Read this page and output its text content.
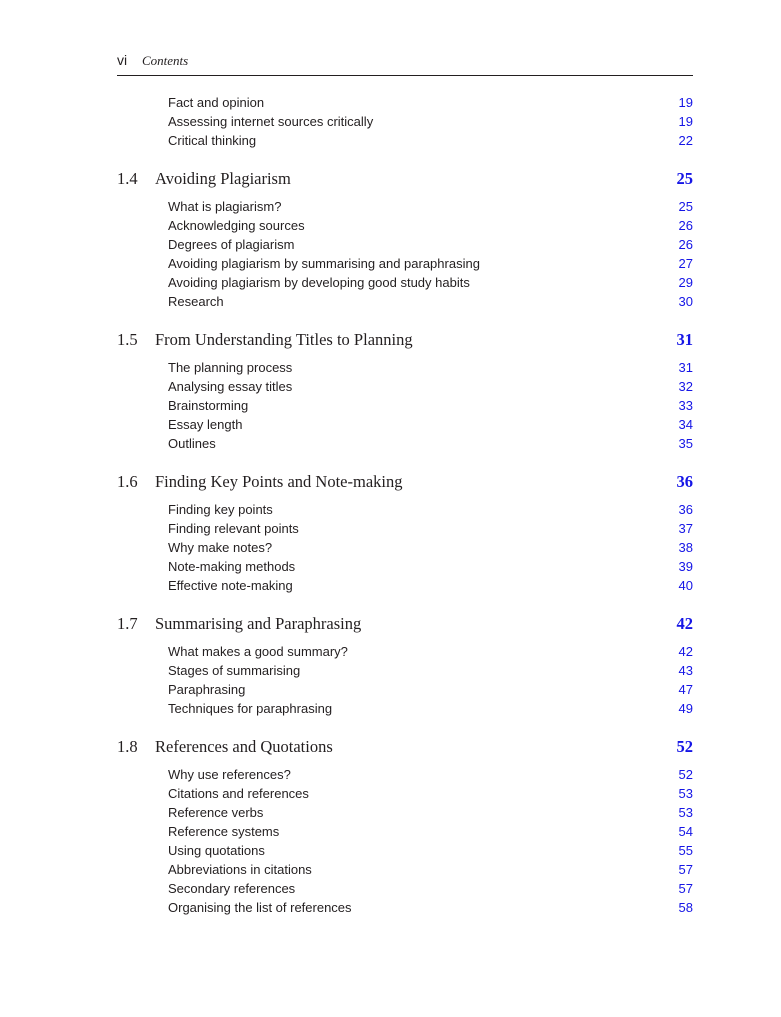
vi Contents
Fact and opinion	19
Assessing internet sources critically	19
Critical thinking	22
1.4 Avoiding Plagiarism	25
What is plagiarism?	25
Acknowledging sources	26
Degrees of plagiarism	26
Avoiding plagiarism by summarising and paraphrasing	27
Avoiding plagiarism by developing good study habits	29
Research	30
1.5 From Understanding Titles to Planning	31
The planning process	31
Analysing essay titles	32
Brainstorming	33
Essay length	34
Outlines	35
1.6 Finding Key Points and Note-making	36
Finding key points	36
Finding relevant points	37
Why make notes?	38
Note-making methods	39
Effective note-making	40
1.7 Summarising and Paraphrasing	42
What makes a good summary?	42
Stages of summarising	43
Paraphrasing	47
Techniques for paraphrasing	49
1.8 References and Quotations	52
Why use references?	52
Citations and references	53
Reference verbs	53
Reference systems	54
Using quotations	55
Abbreviations in citations	57
Secondary references	57
Organising the list of references	58
